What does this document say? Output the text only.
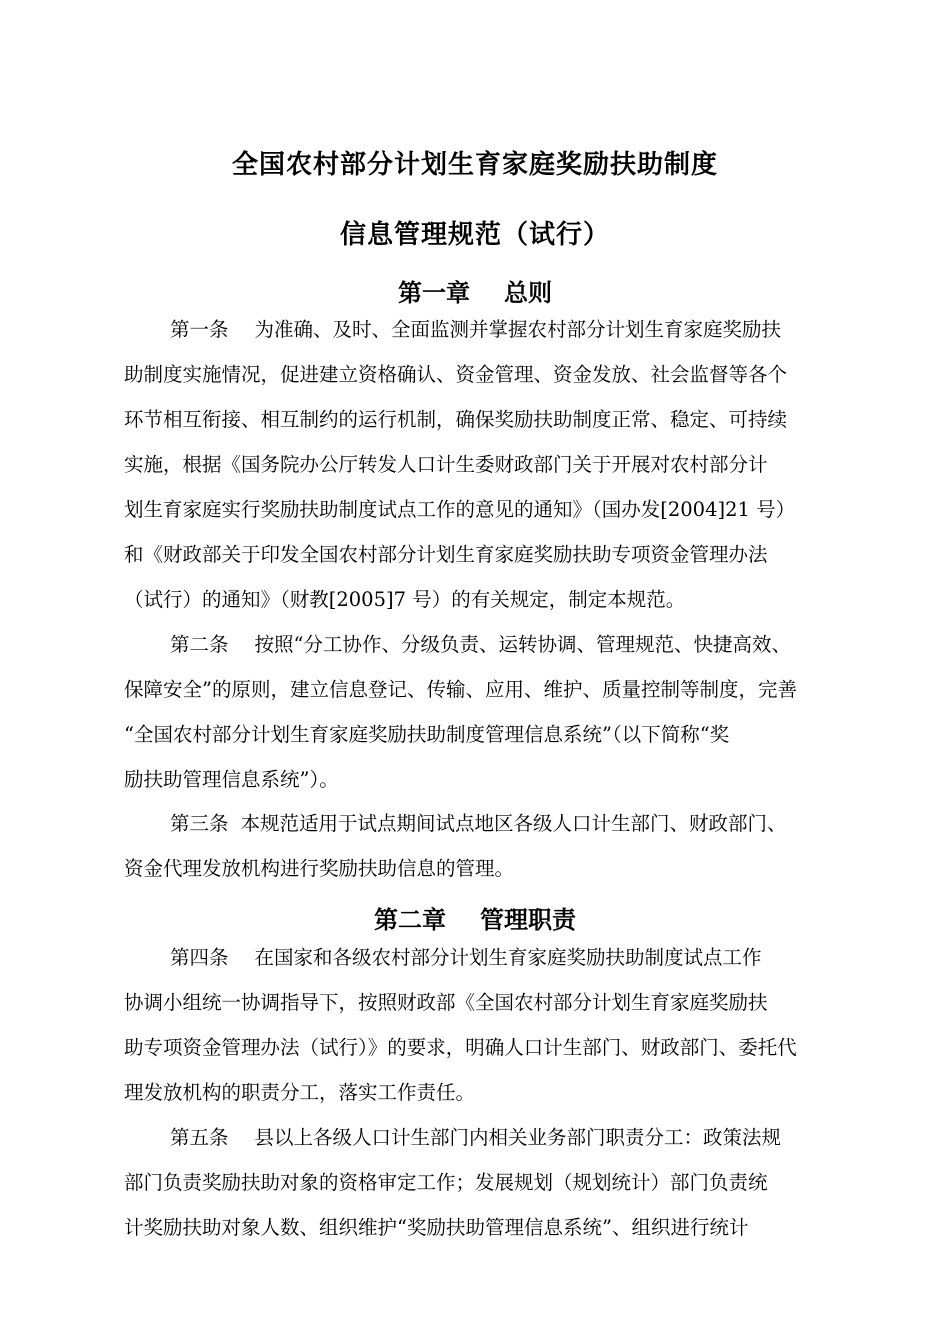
全国农村部分计划生育家庭奖励扶助制度
信息管理规范（试行）
第一章 总则
第一条 为准确、及时、全面监测并掌握农村部分计划生育家庭奖励扶
助制度实施情况，促进建立资格确认、资金管理、资金发放、社会监督等各个
环节相互衔接、相互制约的运行机制，确保奖励扶助制度正常、稳定、可持续
实施，根据《国务院办公厅转发人口计生委财政部门关于开展对农村部分计
划生育家庭实行奖励扶助制度试点工作的意见的通知》（国办发[2004]21 号）
和《财政部关于印发全国农村部分计划生育家庭奖励扶助专项资金管理办法
（试行）的通知》（财教[2005]7 号）的有关规定，制定本规范。
第二条 按照“分工协作、分级负责、运转协调、管理规范、快捷高效、
保障安全”的原则，建立信息登记、传输、应用、维护、质量控制等制度，完善
“全国农村部分计划生育家庭奖励扶助制度管理信息系统”（以下简称“奖
励扶助管理信息系统”）。
第三条 本规范适用于试点期间试点地区各级人口计生部门、财政部门、
资金代理发放机构进行奖励扶助信息的管理。
第二章 管理职责
第四条 在国家和各级农村部分计划生育家庭奖励扶助制度试点工作
协调小组统一协调指导下，按照财政部《全国农村部分计划生育家庭奖励扶
助专项资金管理办法（试行）》的要求，明确人口计生部门、财政部门、委托代
理发放机构的职责分工，落实工作责任。
第五条 县以上各级人口计生部门内相关业务部门职责分工：政策法规
部门负责奖励扶助对象的资格审定工作；发展规划（规划统计）部门负责统
计奖励扶助对象人数、组织维护“奖励扶助管理信息系统”、组织进行统计
